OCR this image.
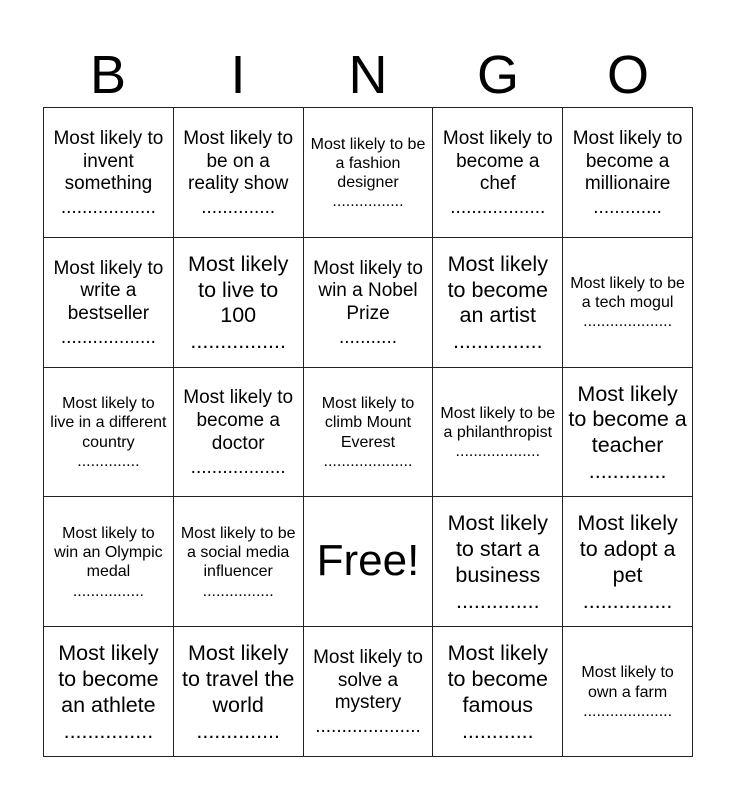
B	I	N	G	O
Most likely to invent something
..................
Most likely to be on a reality show
..............
Most likely to be a fashion designer
................
Most likely to become a chef
..................
Most likely to become a millionaire
.............
Most likely to write a bestseller
..................
Most likely to live to 100
................
Most likely to win a Nobel Prize
...........
Most likely to become an artist
...............
Most likely to be a tech mogul
....................
Most likely to live in a different country
..............
Most likely to become a doctor
..................
Most likely to climb Mount Everest
....................
Most likely to be a philanthropist
...................
Most likely to become a teacher
.............
Most likely to win an Olympic medal
................
Most likely to be a social media influencer
................
Free!
Most likely to start a business
..............
Most likely to adopt a pet
...............
Most likely to become an athlete
...............
Most likely to travel the world
..............
Most likely to solve a mystery
....................
Most likely to become famous
............
Most likely to own a farm
....................
